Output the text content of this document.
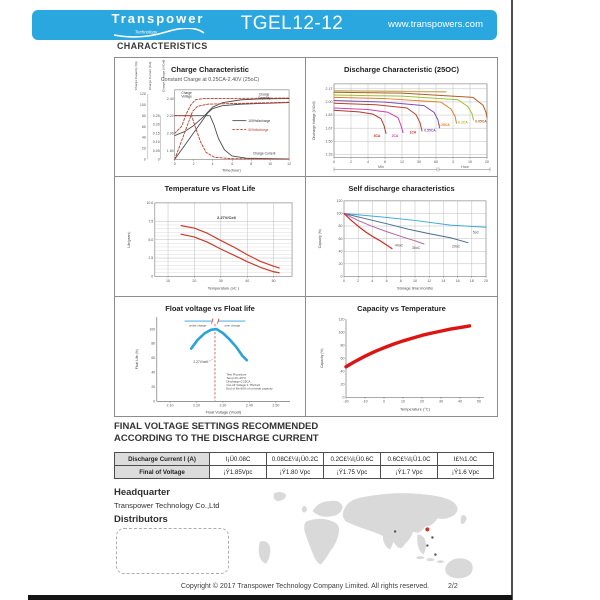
Transpower
Technology	TGEL12-12	www.transpowers.com
CHARACTERISTICS
Charge Characteristic
Constant Charge at 0.25CA-2.40V (25oC)
0	2	4	6	8	10	12
0
20
40
60
80
100
120
0
0.05
0.10
0.15
0.20
0.25
1.80
2.00
2.20
2.40
Charge
Voltage	Charge
Capacity
Charge Current
100%discharge
50%discharge
Time(hour)
Charge Capacity (%)	Charge Current (CA)	Charge Voltage (V/Cell)	Discharge Characteristic (25OC)
0	2	4	6	12	30	60	3	10	20
2.17
2.00
1.83
1.67
1.50
1.33
3CA	2CA
1CA 0.55CA
0.25CA
0.1CA 0.05CA
Min	Hour
Discharge Voltage (V/Cell)
Temperature vs Float Life
10	20	30	40	50
10.0
7.5
5.0
2.5
0
2.27V/Cell
Temperature (oC )
Life(years)
Self discharge characteristics
0	2	4	6	8	10	12	14	16	18	20
0
20
40
60
80
100
120
5oC
20oC
30oC
40oC
Storage time:months
Capacity (%)
Float voltage vs Float life
2.10	2.20	2.30	2.40	2.50
0
20
40
60
80
100
under charge	over charge
2.27V/cell
Test Procedure
Temp:20~25°C
Discharge:0.25CA
Cut-off Voltage:1.75V/cell
End of life:60% of nominal capacity
Float Voltage (V/cell)
Float Life (%)
Capacity vs Temperature
-20	-10	0	10	20	30	40	50
0
20
40
60
80
100
120
Temperature (°C)
Capacity (%)
FINAL VOLTAGE SETTINGS RECOMMENDED
ACCORDING TO THE DISCHARGE CURRENT
Discharge Current Ⅰ (A)	Ⅰ¡Ü0.08C	0.08C£¼Ⅰ¡Ü0.2C	0.2C£¼Ⅰ¡Ü0.6C	0.6C£¼Ⅰ¡Ü1.0C	Ⅰ£¾1.0C
Final of Voltage	¡Ý1.85Vpc	¡Ý1.80 Vpc	¡Ý1.75 Vpc	¡Ý1.7 Vpc	¡Ý1.6 Vpc
Headquarter
Transpower Technology Co.,Ltd
Distributors
Copyright © 2017 Transpower Technology Company Limited. All rights reserved.	2/2
